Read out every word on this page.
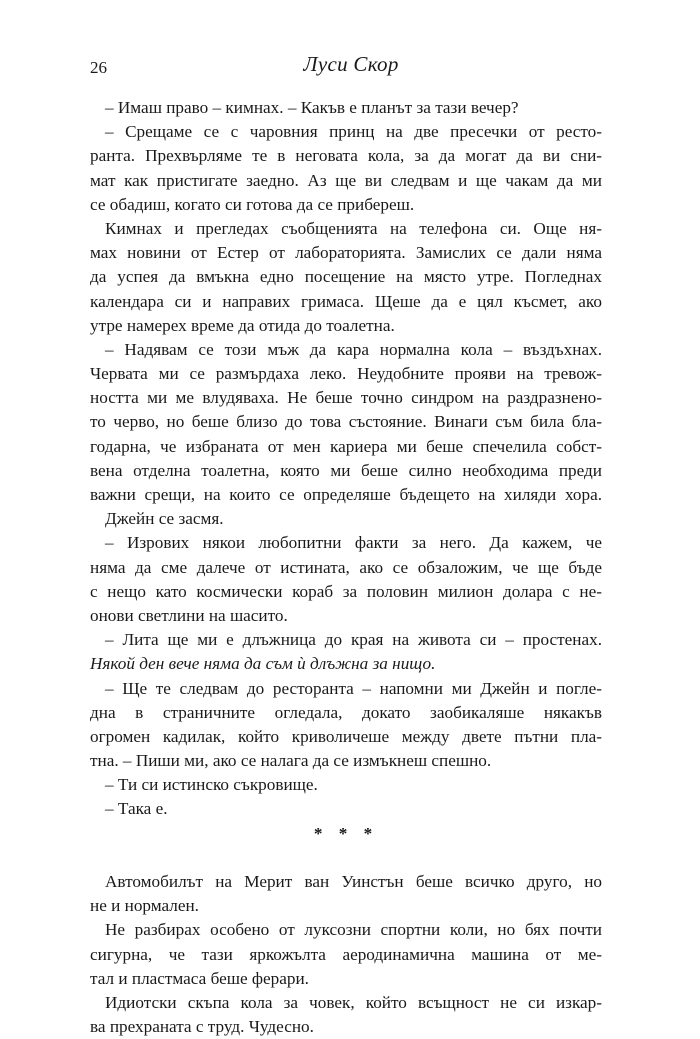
26	Луси Скор
– Имаш право – кимнах. – Какъв е планът за тази вечер?
– Срещаме се с чаровния принц на две пресечки от ресто-
ранта. Прехвърляме те в неговата кола, за да могат да ви сни-
мат как пристигате заедно. Аз ще ви следвам и ще чакам да ми
се обадиш, когато си готова да се прибереш.
Кимнах и прегледах съобщенията на телефона си. Още ня-
мах новини от Естер от лабораторията. Замислих се дали няма
да успея да вмъкна едно посещение на място утре. Погледнах
календара си и направих гримаса. Щеше да е цял късмет, ако
утре намерех време да отида до тоалетна.
– Надявам се този мъж да кара нормална кола – въздъхнах.
Червата ми се размърдаха леко. Неудобните прояви на тревож-
ността ми ме влудяваха. Не беше точно синдром на раздразнено-
то черво, но беше близо до това състояние. Винаги съм била бла-
годарна, че избраната от мен кариера ми беше спечелила собст-
вена отделна тоалетна, която ми беше силно необходима преди
важни срещи, на които се определяше бъдещето на хиляди хора.
Джейн се засмя.
– Изрових някои любопитни факти за него. Да кажем, че
няма да сме далече от истината, ако се обзаложим, че ще бъде
с нещо като космически кораб за половин милион долара с не-
онови светлини на шасито.
– Лита ще ми е длъжница до края на живота си – простенах.
Някой ден вече няма да съм ѝ длъжна за нищо.
– Ще те следвам до ресторанта – напомни ми Джейн и погле-
дна в страничните огледала, докато заобикаляше някакъв
огромен кадилак, който криволичеше между двете пътни пла-
тна. – Пиши ми, ако се налага да се измъкнеш спешно.
– Ти си истинско съкровище.
– Така е.
* * *
Автомобилът на Мерит ван Уинстън беше всичко друго, но
не и нормален.
Не разбирах особено от луксозни спортни коли, но бях почти
сигурна, че тази яркожълта аеродинамична машина от ме-
тал и пластмаса беше ферари.
Идиотски скъпа кола за човек, който всъщност не си изкар-
ва прехраната с труд. Чудесно.
